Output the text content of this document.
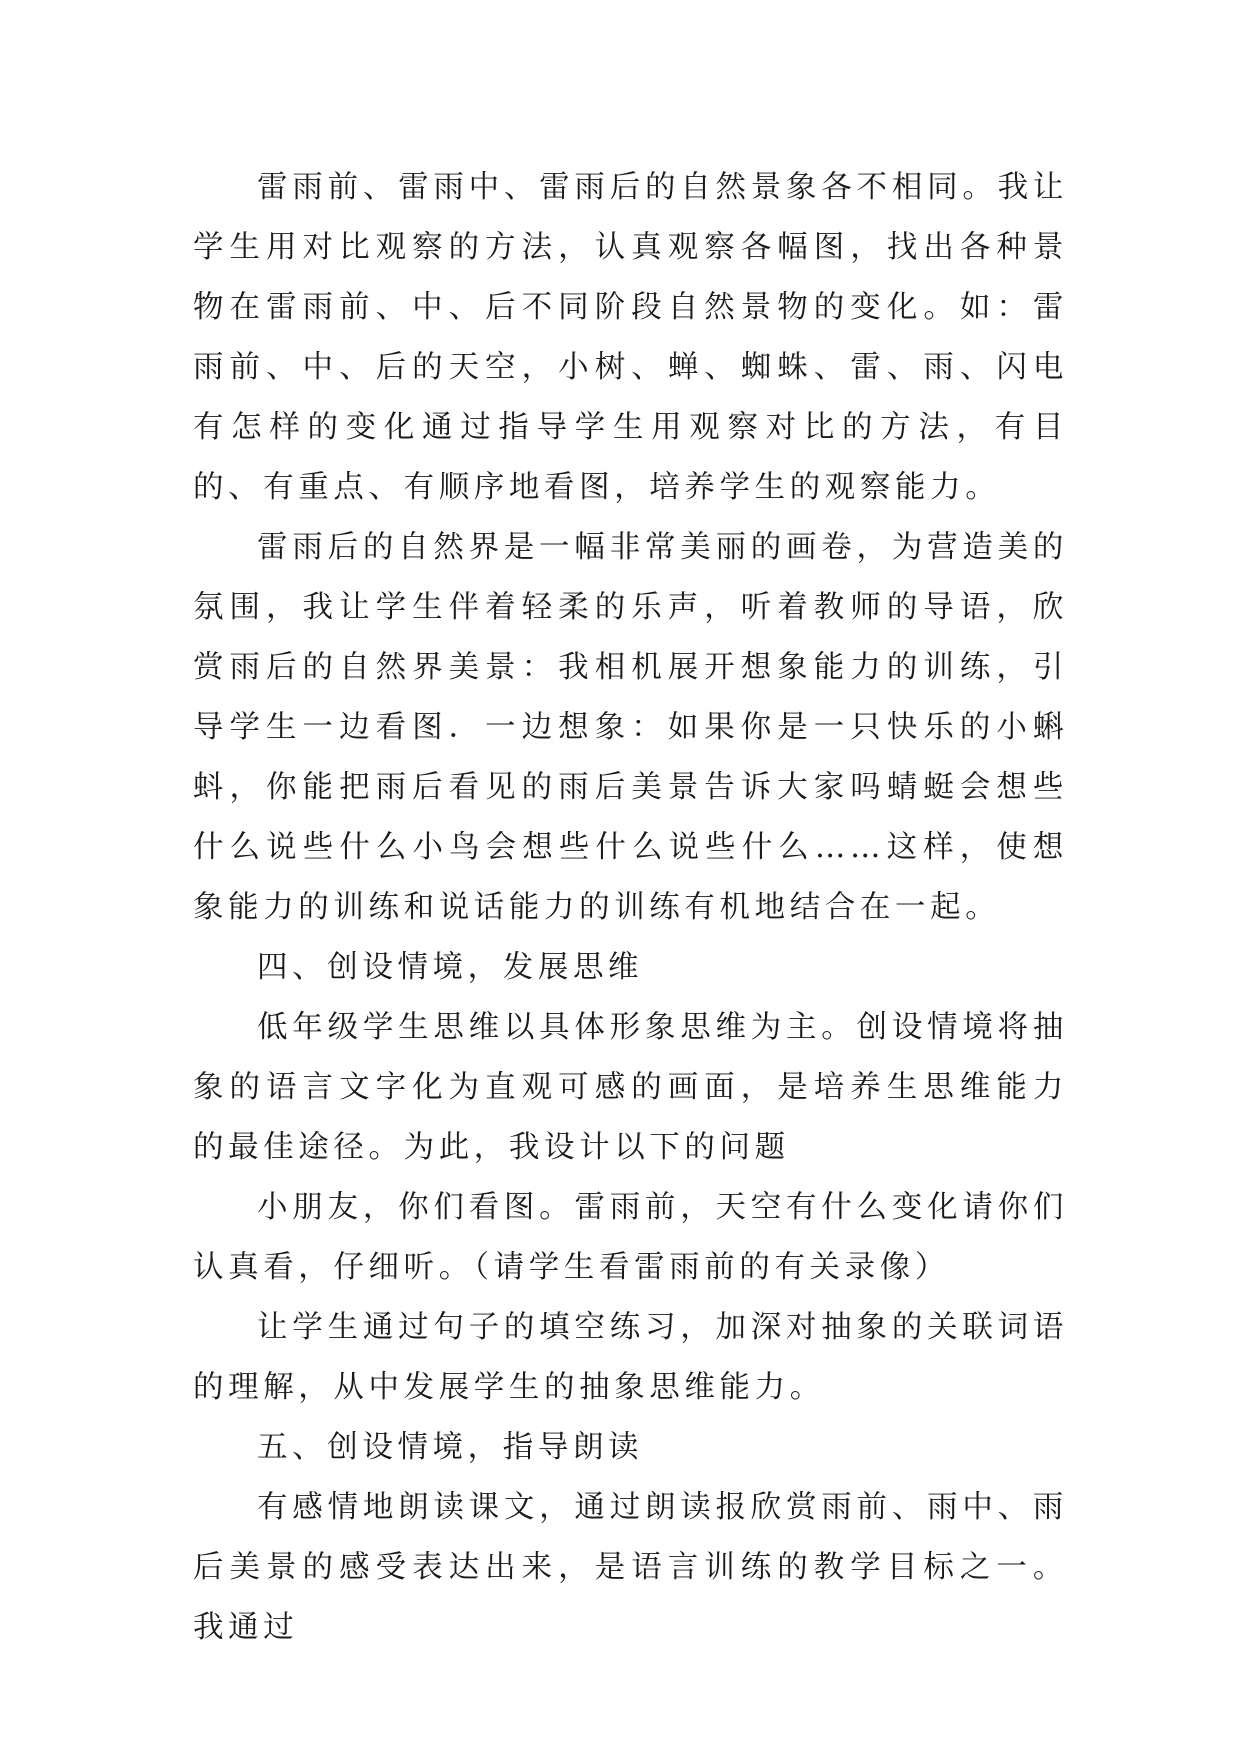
雷雨前、雷雨中、雷雨后的自然景象各不相同。我让学生用对比观察的方法，认真观察各幅图，找出各种景物在雷雨前、中、后不同阶段自然景物的变化。如：雷雨前、中、后的天空，小树、蝉、蜘蛛、雷、雨、闪电有怎样的变化通过指导学生用观察对比的方法，有目的、有重点、有顺序地看图，培养学生的观察能力。

雷雨后的自然界是一幅非常美丽的画卷，为营造美的氛围，我让学生伴着轻柔的乐声，听着教师的导语，欣赏雨后的自然界美景：我相机展开想象能力的训练，引导学生一边看图．一边想象：如果你是一只快乐的小蝌蚪，你能把雨后看见的雨后美景告诉大家吗蜻蜓会想些什么说些什么小鸟会想些什么说些什么……这样，使想象能力的训练和说话能力的训练有机地结合在一起。

四、创设情境，发展思维

低年级学生思维以具体形象思维为主。创设情境将抽象的语言文字化为直观可感的画面，是培养生思维能力的最佳途径。为此，我设计以下的问题

小朋友，你们看图。雷雨前，天空有什么变化请你们认真看，仔细听。（请学生看雷雨前的有关录像）

让学生通过句子的填空练习，加深对抽象的关联词语的理解，从中发展学生的抽象思维能力。

五、创设情境，指导朗读

有感情地朗读课文，通过朗读报欣赏雨前、雨中、雨后美景的感受表达出来，是语言训练的教学目标之一。我通过
